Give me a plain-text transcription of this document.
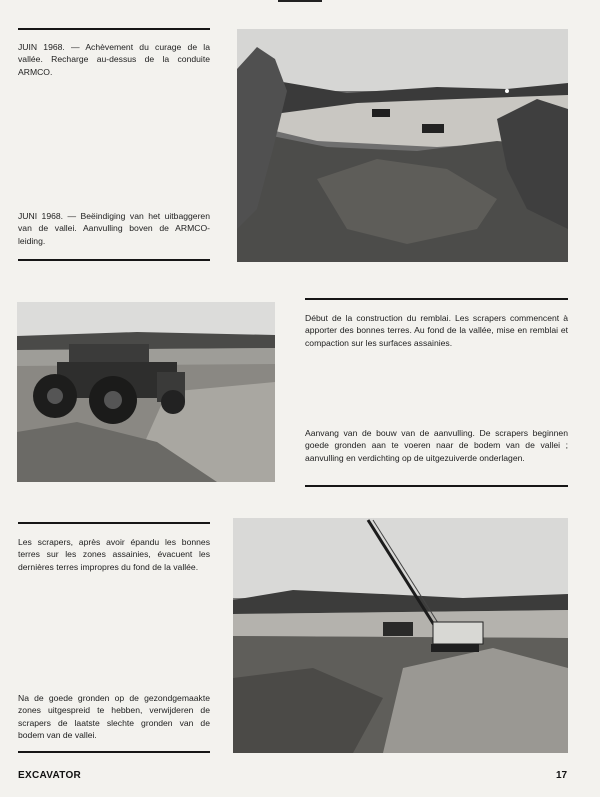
JUIN 1968. — Achèvement du curage de la vallée. Recharge au-dessus de la conduite ARMCO.
JUNI 1968. — Beëindiging van het uitbaggeren van de vallei. Aanvulling boven de ARMCO-leiding.
Début de la construction du remblai. Les scrapers commencent à apporter des bonnes terres. Au fond de la vallée, mise en remblai et compaction sur les surfaces assainies.
Aanvang van de bouw van de aanvulling. De scrapers beginnen goede gronden aan te voeren naar de bodem van de vallei ; aanvulling en verdichting op de uitgezuiverde onderlagen.
Les scrapers, après avoir épandu les bonnes terres sur les zones assainies, évacuent les dernières terres impropres du fond de la vallée.
Na de goede gronden op de gezondgemaakte zones uitgespreid te hebben, verwijderen de scrapers de laatste slechte gronden van de bodem van de vallei.
EXCAVATOR	17
